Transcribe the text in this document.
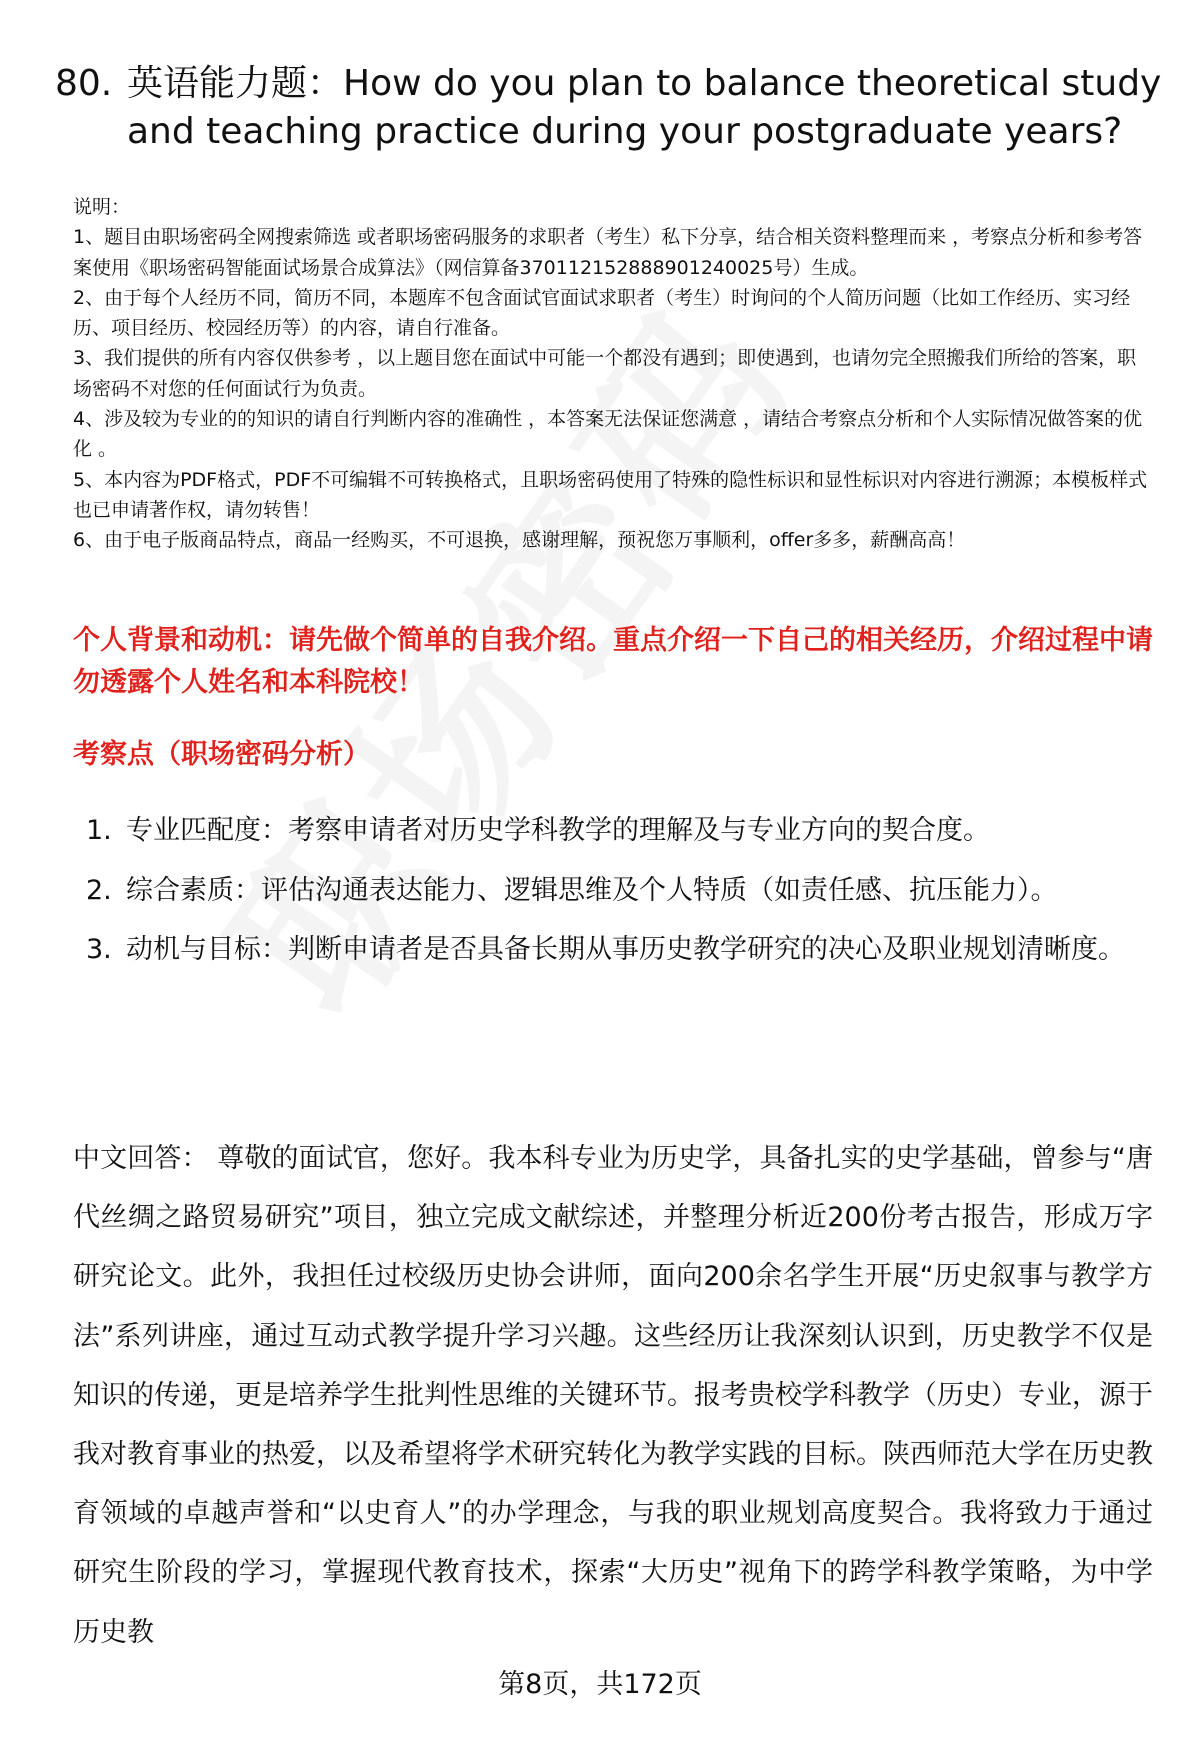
80. 英语能力题：How do you plan to balance theoretical study and teaching practice during your postgraduate years?
说明：
1、题目由职场密码全网搜索筛选 或者职场密码服务的求职者（考生）私下分享，结合相关资料整理而来 ，考察点分析和参考答案使用《职场密码智能面试场景合成算法》（网信算备370112152888901240025号）生成。
2、由于每个人经历不同，简历不同，本题库不包含面试官面试求职者（考生）时询问的个人简历问题（比如工作经历、实习经历、项目经历、校园经历等）的内容，请自行准备。
3、我们提供的所有内容仅供参考 ，以上题目您在面试中可能一个都没有遇到；即使遇到，也请勿完全照搬我们所给的答案，职场密码不对您的任何面试行为负责。
4、涉及较为专业的的知识的请自行判断内容的准确性 ，本答案无法保证您满意 ，请结合考察点分析和个人实际情况做答案的优化 。
5、本内容为PDF格式，PDF不可编辑不可转换格式，且职场密码使用了特殊的隐性标识和显性标识对内容进行溯源；本模板样式也已申请著作权，请勿转售！
6、由于电子版商品特点，商品一经购买，不可退换，感谢理解，预祝您万事顺利，offer多多，薪酬高高！
个人背景和动机：请先做个简单的自我介绍。重点介绍一下自己的相关经历，介绍过程中请勿透露个人姓名和本科院校！
考察点（职场密码分析）
1. 专业匹配度：考察申请者对历史学科教学的理解及与专业方向的契合度。
2. 综合素质：评估沟通表达能力、逻辑思维及个人特质（如责任感、抗压能力）。
3. 动机与目标：判断申请者是否具备长期从事历史教学研究的决心及职业规划清晰度。
中文回答： 尊敬的面试官，您好。我本科专业为历史学，具备扎实的史学基础，曾参与“唐代丝绸之路贸易研究”项目，独立完成文献综述，并整理分析近200份考古报告，形成万字研究论文。此外，我担任过校级历史协会讲师，面向200余名学生开展“历史叙事与教学方法”系列讲座，通过互动式教学提升学习兴趣。这些经历让我深刻认识到，历史教学不仅是知识的传递，更是培养学生批判性思维的关键环节。报考贵校学科教学（历史）专业，源于我对教育事业的热爱，以及希望将学术研究转化为教学实践的目标。陕西师范大学在历史教育领域的卓越声誉和“以史育人”的办学理念，与我的职业规划高度契合。我将致力于通过研究生阶段的学习，掌握现代教育技术，探索“大历史”视角下的跨学科教学策略，为中学历史教
第8页，共172页
